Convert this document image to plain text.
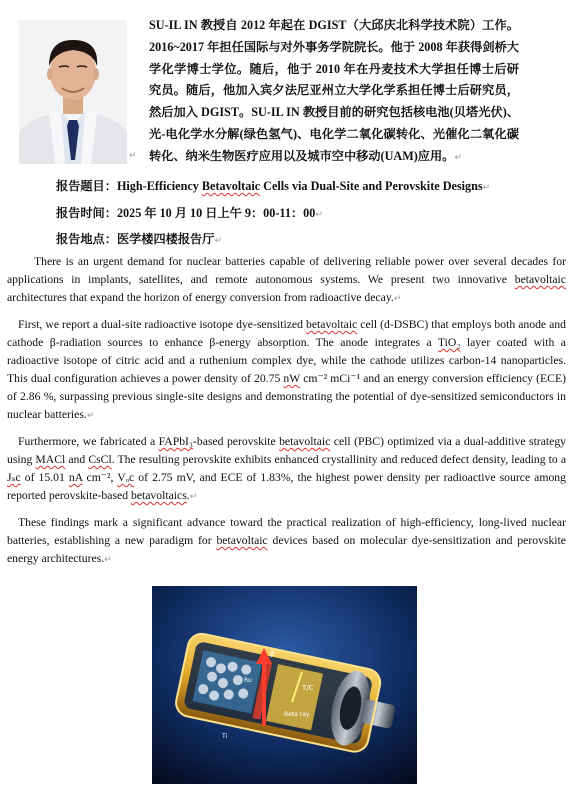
↵
SU-IL IN 教授自 2012 年起在 DGIST（大邱庆北科学技术院）工作。2016~2017 年担任国际与对外事务学院院长。他于 2008 年获得剑桥大学化学博士学位。随后，他于 2010 年在丹麦技术大学担任博士后研究员。随后，他加入宾夕法尼亚州立大学化学系担任博士后研究员，然后加入 DGIST。SU-IL IN 教授目前的研究包括核电池(贝塔光伏)、光-电化学水分解(绿色氢气)、电化学二氧化碳转化、光催化二氧化碳转化、纳米生物医疗应用以及城市空中移动(UAM)应用。↵
报告题目：High-Efficiency Betavoltaic Cells via Dual-Site and Perovskite Designs↵
报告时间：2025 年 10 月 10 日上午 9：00-11：00↵
报告地点：医学楼四楼报告厅↵

There is an urgent demand for nuclear batteries capable of delivering reliable power over several decades for applications in implants, satellites, and remote autonomous systems. We present two innovative betavoltaic architectures that expand the horizon of energy conversion from radioactive decay.↵

First, we report a dual-site radioactive isotope dye-sensitized betavoltaic cell (d-DSBC) that employs both anode and cathode β-radiation sources to enhance β-energy absorption. The anode integrates a TiO₂ layer coated with a radioactive isotope of citric acid and a ruthenium complex dye, while the cathode utilizes carbon-14 nanoparticles. This dual configuration achieves a power density of 20.75 nW cm⁻² mCi⁻¹ and an energy conversion efficiency (ECE) of 2.86 %, surpassing previous single-site designs and demonstrating the potential of dye-sensitized semiconductors in nuclear batteries.↵

Furthermore, we fabricated a FAPbI₃-based perovskite betavoltaic cell (PBC) optimized via a dual-additive strategy using MACl and CsCl. The resulting perovskite exhibits enhanced crystallinity and reduced defect density, leading to a Jₛc of 15.01 nA cm⁻², Vₒc of 2.75 mV, and ECE of 1.83%, the highest power density per radioactive source among reported perovskite-based betavoltaics.↵

These findings mark a significant advance toward the practical realization of high-efficiency, long-lived nuclear batteries, establishing a new paradigm for betavoltaic devices based on molecular dye-sensitization and perovskite energy architectures.↵

β⁻
T/C
Beta ray
Ti
Ru
